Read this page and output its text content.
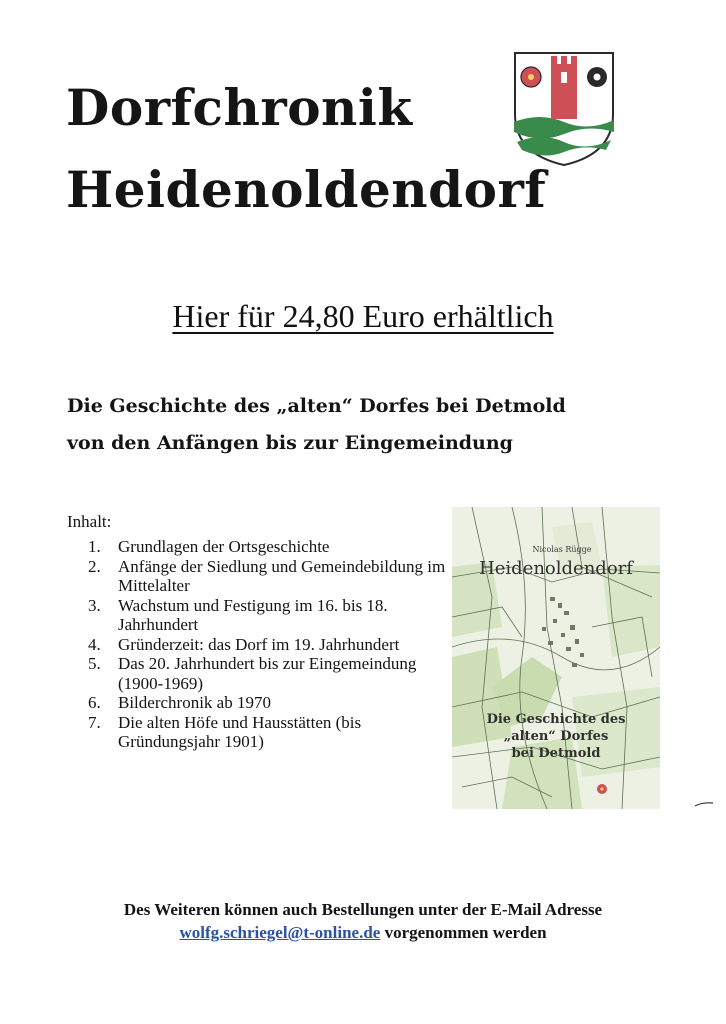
Dorfchronik
Heidenoldendorf
Hier für 24,80 Euro erhältlich
Die Geschichte des „alten“ Dorfes bei Detmold
von den Anfängen bis zur Eingemeindung
Inhalt:
1. Grundlagen der Ortsgeschichte
2. Anfänge der Siedlung und Gemeindebildung im Mittelalter
3. Wachstum und Festigung im 16. bis 18. Jahrhundert
4. Gründerzeit: das Dorf im 19. Jahrhundert
5. Das 20. Jahrhundert bis zur Eingemeindung (1900-1969)
6. Bilderchronik ab 1970
7. Die alten Höfe und Hausstätten (bis Gründungsjahr 1901)
Nicolas Rügge
Heidenoldendorf
Die Geschichte des
„alten“ Dorfes
bei Detmold
Des Weiteren können auch Bestellungen unter der E-Mail Adresse
wolfg.schriegel@t-online.de vorgenommen werden
